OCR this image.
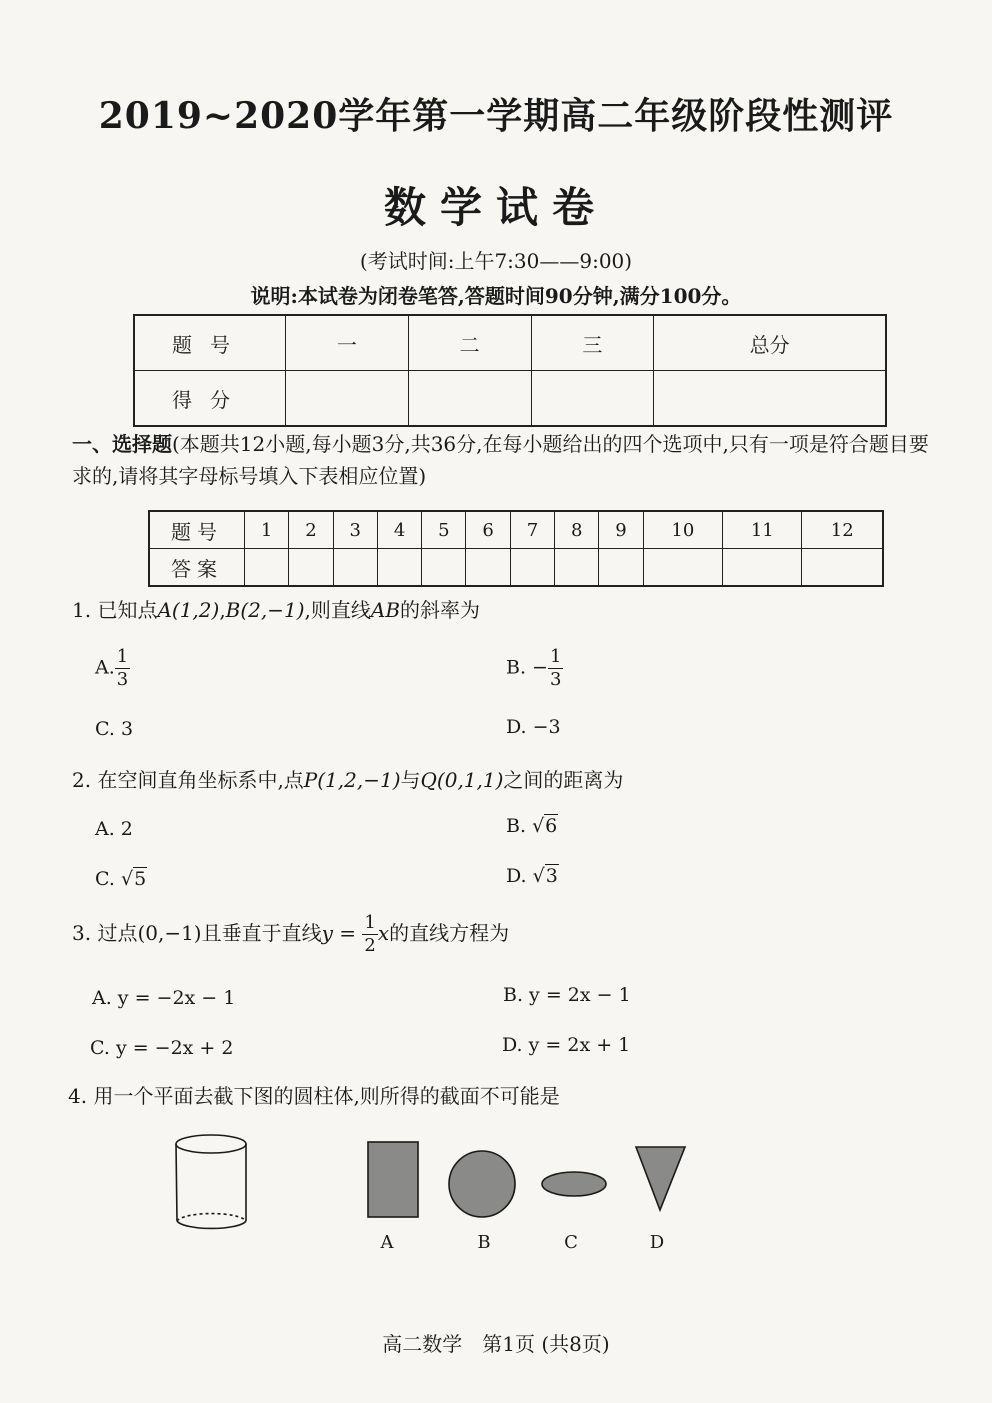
2019~2020学年第一学期高二年级阶段性测评
数学试卷
(考试时间:上午7:30——9:00)
说明:本试卷为闭卷笔答,答题时间90分钟,满分100分。
题号	一	二	三	总分
得分				
一、选择题(本题共12小题,每小题3分,共36分,在每小题给出的四个选项中,只有一项是符合题目要求的,请将其字母标号填入下表相应位置)
题号	1	2	3	4	5	6	7	8	9	10	11	12
答案												
1. 已知点A(1,2),B(2,−1),则直线AB的斜率为
A. $\frac{1}{3}$	B. − $\frac{1}{3}$
C. 3	D. −3
2. 在空间直角坐标系中,点P(1,2,−1)与Q(0,1,1)之间的距离为
A. 2	B. √6
C. √5	D. √3
3. 过点(0,−1)且垂直于直线$y = \frac{1}{2}$ x的直线方程为
A. y = −2x − 1	B. y = 2x − 1
C. y = −2x + 2	D. y = 2x + 1
4. 用一个平面去截下图的圆柱体,则所得的截面不可能是
A	B	C	D
高二数学　第1页 (共8页)
